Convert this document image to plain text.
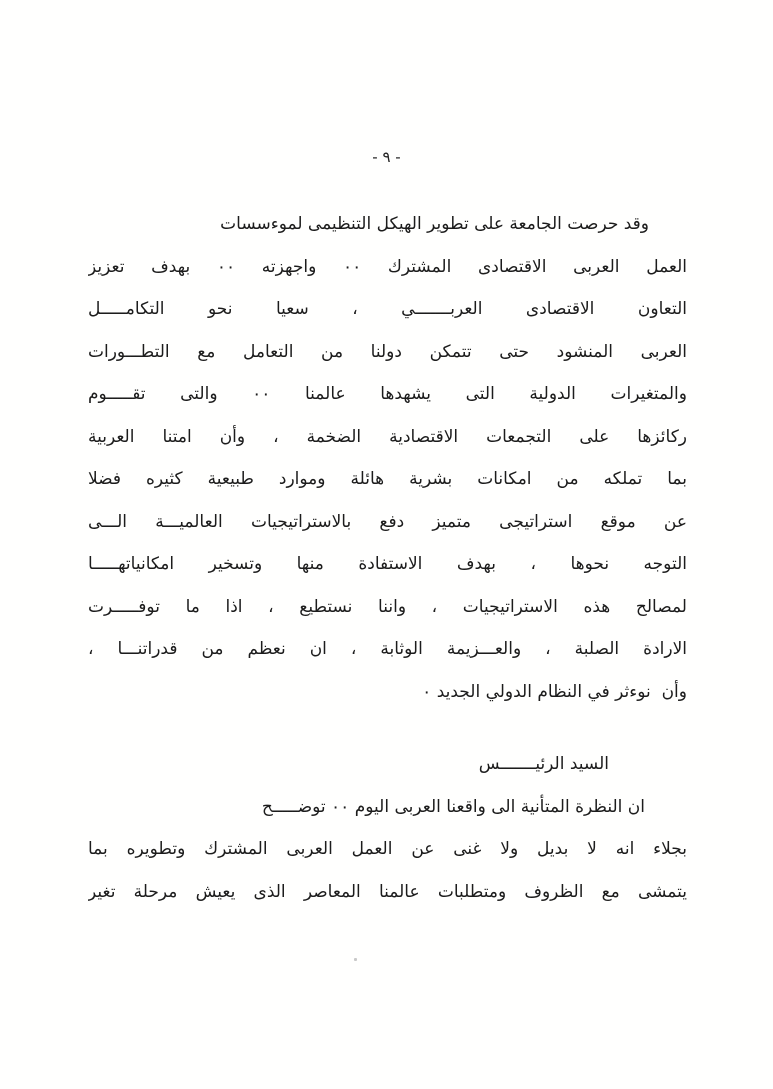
- ٩ -
وقد حرصت الجامعة على تطوير الهيكل التنظيمى لموءسسات
العمل العربى الاقتصادى المشترك ٠٠ واجهزته ٠٠ بهدف تعزيز
التعاون الاقتصادى العربـــــــي ، سعيا نحو التكامـــــل
العربى المنشود حتى تتمكن دولنا من التعامل مع التطـــورات
والمتغيرات الدولية التى يشهدها عالمنا ٠٠ والتى تقـــــوم
ركائزها على التجمعات الاقتصادية الضخمة ، وأن امتنا العربية
بما تملكه من امكانات بشرية هائلة وموارد طبيعية كثيره فضلا
عن موقع استراتيجى متميز دفع بالاستراتيجيات العالميـــة الـــى
التوجه نحوها ، بهدف الاستفادة منها وتسخير امكانياتهـــــا
لمصالح هذه الاستراتيجيات ، واننا نستطيع ، اذا ما توفـــــرت
الارادة الصلبة ، والعـــزيمة الوثابة ، ان نعظم من قدراتنـــا ،
وأن  نوءثر في النظام الدولي الجديد ٠
السيد الرئيـــــــس
ان النظرة المتأنية الى واقعنا العربى اليوم ٠٠ توضـــــح
بجلاء انه لا بديل ولا غنى عن العمل العربى المشترك وتطويره بما
يتمشى مع الظروف ومتطلبات عالمنا المعاصر الذى يعيش مرحلة تغير
